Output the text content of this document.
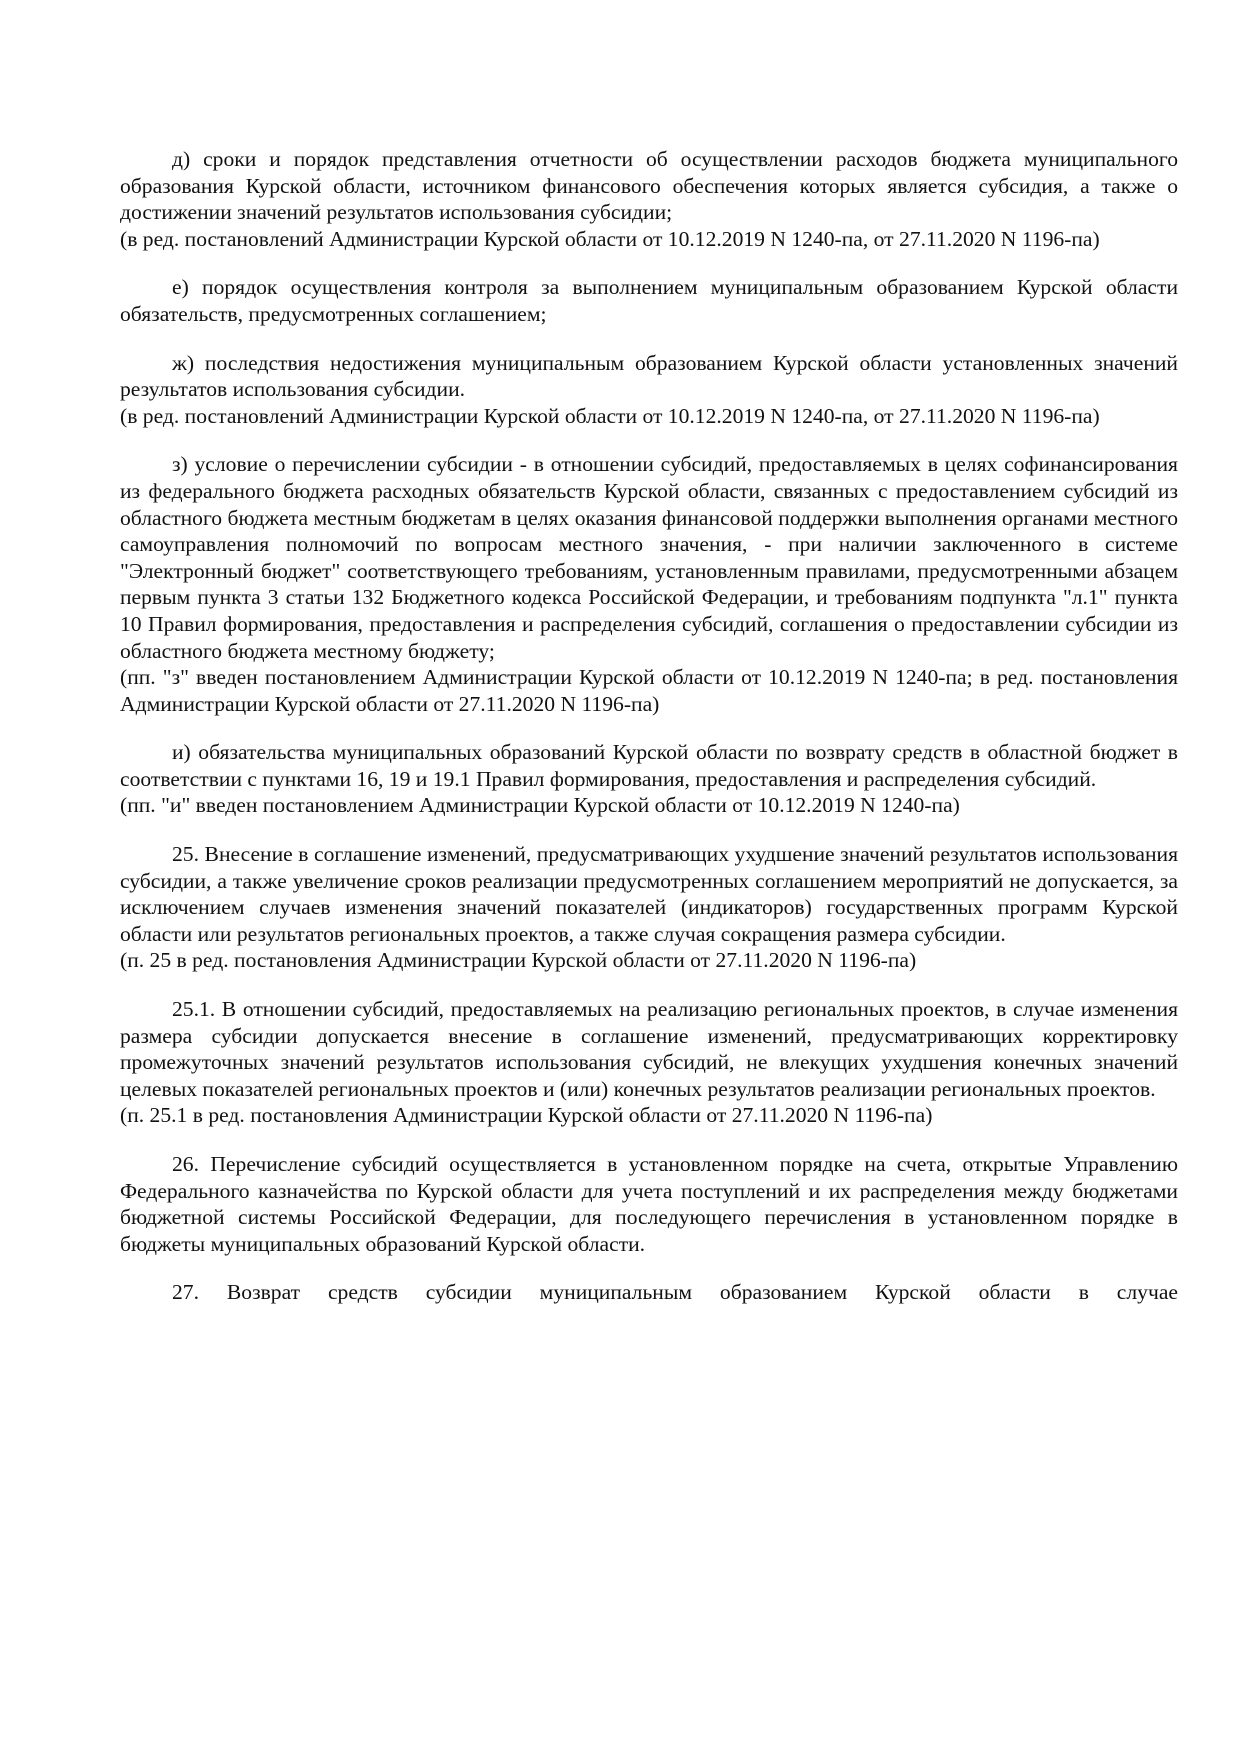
д) сроки и порядок представления отчетности об осуществлении расходов бюджета муниципального образования Курской области, источником финансового обеспечения которых является субсидия, а также о достижении значений результатов использования субсидии;

(в ред. постановлений Администрации Курской области от 10.12.2019 N 1240-па, от 27.11.2020 N 1196-па)

е) порядок осуществления контроля за выполнением муниципальным образованием Курской области обязательств, предусмотренных соглашением;

ж) последствия недостижения муниципальным образованием Курской области установленных значений результатов использования субсидии.

(в ред. постановлений Администрации Курской области от 10.12.2019 N 1240-па, от 27.11.2020 N 1196-па)

з) условие о перечислении субсидии - в отношении субсидий, предоставляемых в целях софинансирования из федерального бюджета расходных обязательств Курской области, связанных с предоставлением субсидий из областного бюджета местным бюджетам в целях оказания финансовой поддержки выполнения органами местного самоуправления полномочий по вопросам местного значения, - при наличии заключенного в системе "Электронный бюджет" соответствующего требованиям, установленным правилами, предусмотренными абзацем первым пункта 3 статьи 132 Бюджетного кодекса Российской Федерации, и требованиям подпункта "л.1" пункта 10 Правил формирования, предоставления и распределения субсидий, соглашения о предоставлении субсидии из областного бюджета местному бюджету;

(пп. "з" введен постановлением Администрации Курской области от 10.12.2019 N 1240-па; в ред. постановления Администрации Курской области от 27.11.2020 N 1196-па)

и) обязательства муниципальных образований Курской области по возврату средств в областной бюджет в соответствии с пунктами 16, 19 и 19.1 Правил формирования, предоставления и распределения субсидий.

(пп. "и" введен постановлением Администрации Курской области от 10.12.2019 N 1240-па)

25. Внесение в соглашение изменений, предусматривающих ухудшение значений результатов использования субсидии, а также увеличение сроков реализации предусмотренных соглашением мероприятий не допускается, за исключением случаев изменения значений показателей (индикаторов) государственных программ Курской области или результатов региональных проектов, а также случая сокращения размера субсидии.

(п. 25 в ред. постановления Администрации Курской области от 27.11.2020 N 1196-па)

25.1. В отношении субсидий, предоставляемых на реализацию региональных проектов, в случае изменения размера субсидии допускается внесение в соглашение изменений, предусматривающих корректировку промежуточных значений результатов использования субсидий, не влекущих ухудшения конечных значений целевых показателей региональных проектов и (или) конечных результатов реализации региональных проектов.

(п. 25.1 в ред. постановления Администрации Курской области от 27.11.2020 N 1196-па)

26. Перечисление субсидий осуществляется в установленном порядке на счета, открытые Управлению Федерального казначейства по Курской области для учета поступлений и их распределения между бюджетами бюджетной системы Российской Федерации, для последующего перечисления в установленном порядке в бюджеты муниципальных образований Курской области.

27. Возврат средств субсидии муниципальным образованием Курской области в случае
